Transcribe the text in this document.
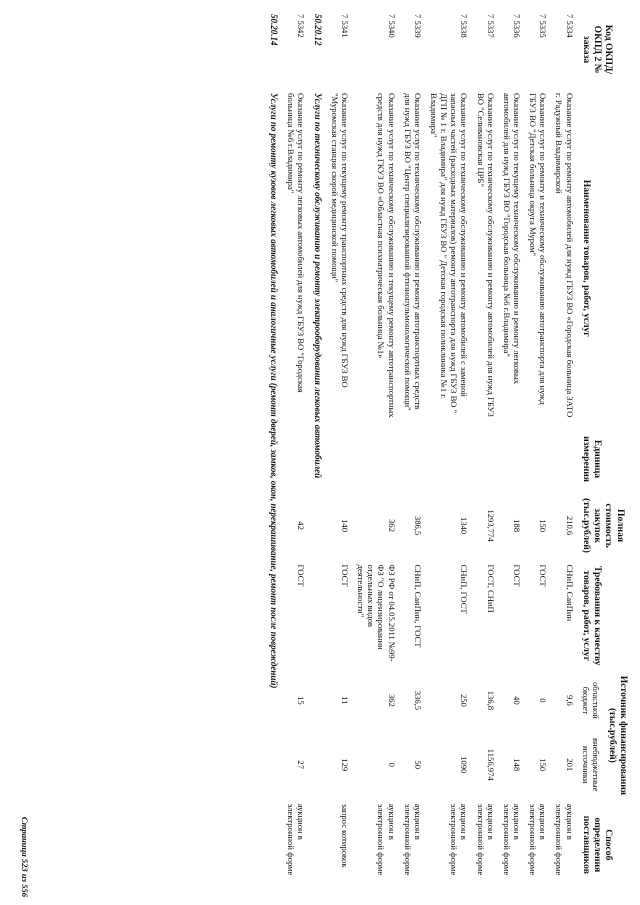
Код ОКПД/ ОКПД 2 № заказа	Наименование товаров, работ, услуг	Единица измерения	Полная стоимость закупок (тыс.рублей)	Требования к качеству товаров, работ, услуг	Источник финансирования (тыс.рублей)		Способ определения поставщиков
					областной бюджет	внебюджетные источники	
7 5334	Оказание услуг по ремонту автомобилей для нужд ГБУЗ ВО «Городская больница ЗАТО г. Радужный Владимирской		210,6	СНиП, СанПин	9,6	201	аукцион в электронной форме
7 5335	Оказание услуг по ремонту и техническому обслуживанию автотранспорта для нужд ГБУЗ ВО "Детская больница округа Муром"		150	ГОСТ	0	150	аукцион в электронной форме
7 5336	Оказание услуг по текущему техническому обслуживанию и ремонту легковых автомобилей для нужд ГБУЗ ВО "Городская больница №6 г.Владимира"		188	ГОСТ	40	148	аукцион в электронной форме
7 5337	Оказание услуг по техническому обслуживанию и ремонту автомобилей для нужд ГБУЗ ВО "Селивановская ЦРБ"		1293,774	ГОСТ, СНиП	136,8	1156,974	аукцион в электронной форме
7 5338	Оказание услуг по техническому обслуживанию и ремонту автомобилей с заменой запасных частей (расходных материалов) ремонту автотранспорта для нужд ГБУЗ ВО " ДГП № 1 г. Владимира" для нужд ГБУЗ ВО " Детская городская поликлиника №1 г. Владимира"		1340	СНиП, ГОСТ	250	1090	аукцион в электронной форме
7 5339	Оказание услуг по техническому обслуживанию и ремонту автотранспортных средств для нужд ГБУЗ ВО "Центр специализированной фтизиопульмонологической помощи"		386,5	СНиП, СанПин, ГОСТ	336,5	50	аукцион в электронной форме
7 5340	Оказание услуг по техническому обслуживанию и текущему ремонту автотранспортных средств для нужд ГКУЗ ВО «Областная психиатрическая больница №1»		362	ФЗ РФ от 04.05.2011 №99-ФЗ "О лицензировании отдельных видов деятельности"	362	0	аукцион в электронной форме
7 5341	Оказание услуг по текущему ремонту транспортных средств для нужд ГБУЗ ВО "Муромская станция скорой медицинской помощи"		140	ГОСТ	11	129	запрос котировок
50.20.12	Услуги по техническому обслуживанию и ремонту электрооборудования легковых автомобилей						
7 5342	Оказание услуг по ремонту легковых автомобилей для нужд ГБУЗ ВО "Городская больница №6 г.Владимира"		42	ГОСТ	15	27	аукцион в электронной форме
50.20.14	Услуги по ремонту кузовов легковых автомобилей и аналогичные услуги (ремонт дверей, замков, окон, перекрашивание, ремонт после повреждений)						
Страница 523 из 556
